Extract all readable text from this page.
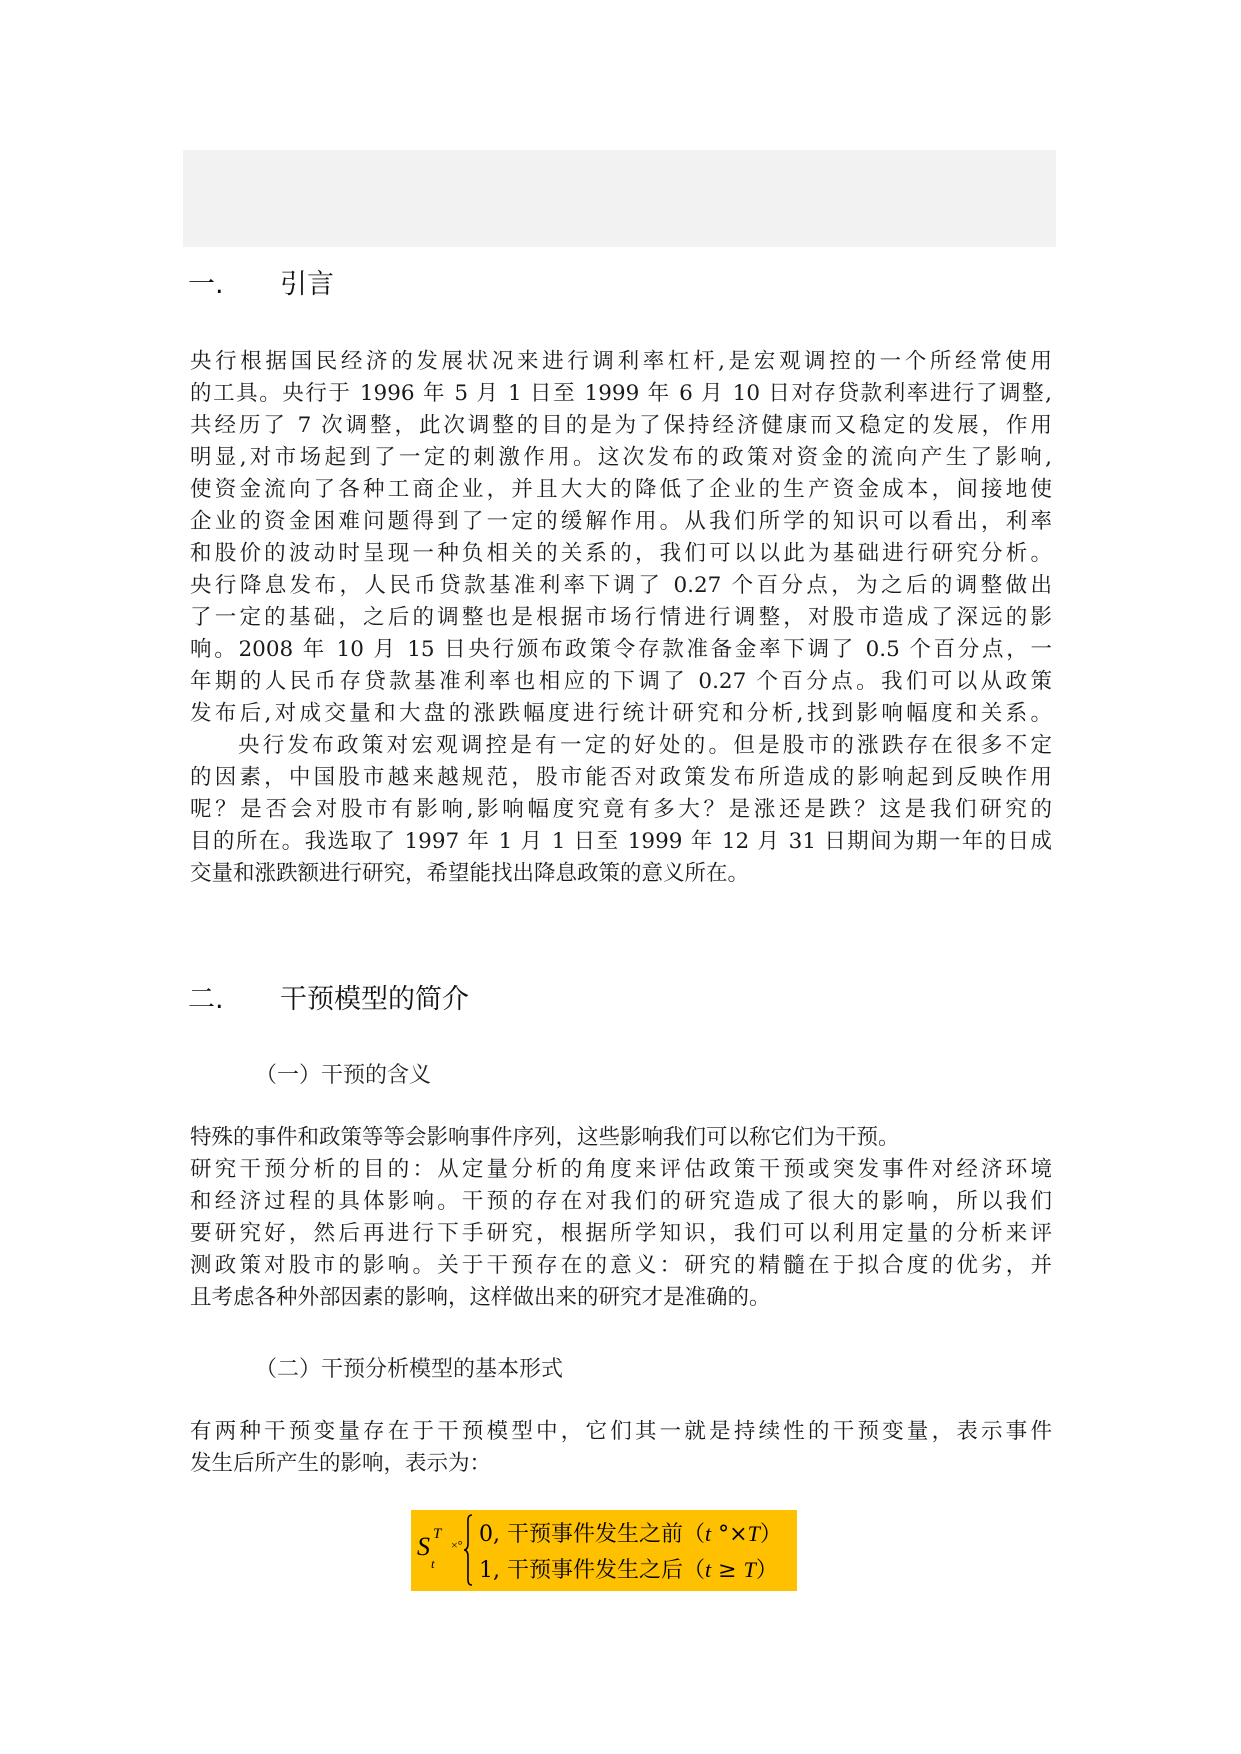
一. 引言
央行根据国民经济的发展状况来进行调利率杠杆,是宏观调控的一个所经常使用
的工具。央行于 1996 年 5 月 1 日至 1999 年 6 月 10 日对存贷款利率进行了调整,
共经历了 7 次调整，此次调整的目的是为了保持经济健康而又稳定的发展，作用
明显,对市场起到了一定的刺激作用。这次发布的政策对资金的流向产生了影响,
使资金流向了各种工商企业，并且大大的降低了企业的生产资金成本，间接地使
企业的资金困难问题得到了一定的缓解作用。从我们所学的知识可以看出，利率
和股价的波动时呈现一种负相关的关系的，我们可以以此为基础进行研究分析。
央行降息发布，人民币贷款基准利率下调了 0.27 个百分点，为之后的调整做出
了一定的基础，之后的调整也是根据市场行情进行调整，对股市造成了深远的影
响。2008 年 10 月 15 日央行颁布政策令存款准备金率下调了 0.5 个百分点，一
年期的人民币存贷款基准利率也相应的下调了 0.27 个百分点。我们可以从政策
发布后,对成交量和大盘的涨跌幅度进行统计研究和分析,找到影响幅度和关系。
央行发布政策对宏观调控是有一定的好处的。但是股市的涨跌存在很多不定
的因素，中国股市越来越规范，股市能否对政策发布所造成的影响起到反映作用
呢？是否会对股市有影响,影响幅度究竟有多大？是涨还是跌？这是我们研究的
目的所在。我选取了 1997 年 1 月 1 日至 1999 年 12 月 31 日期间为期一年的日成
交量和涨跌额进行研究，希望能找出降息政策的意义所在。
二. 干预模型的简介
（一）干预的含义
特殊的事件和政策等等会影响事件序列，这些影响我们可以称它们为干预。
研究干预分析的目的：从定量分析的角度来评估政策干预或突发事件对经济环境
和经济过程的具体影响。干预的存在对我们的研究造成了很大的影响，所以我们
要研究好，然后再进行下手研究，根据所学知识，我们可以利用定量的分析来评
测政策对股市的影响。关于干预存在的意义：研究的精髓在于拟合度的优劣，并
且考虑各种外部因素的影响，这样做出来的研究才是准确的。
（二）干预分析模型的基本形式
有两种干预变量存在于干预模型中，它们其一就是持续性的干预变量，表示事件
发生后所产生的影响，表示为：
S T
t
×° 0, 干预事件发生之前（t °×T）
1, 干预事件发生之后（t ≥ T）
